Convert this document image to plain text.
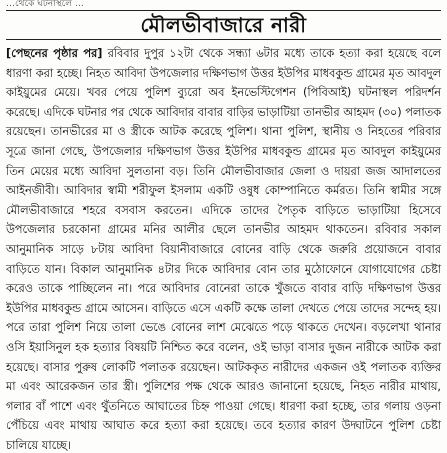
…থেকে ঘটনাস্থলে …
মৌলভীবাজারে নারী

[পেছনের পৃষ্ঠার পর] রবিবার দুপুর ১২টা থেকে সন্ধ্যা ৬টার মধ্যে তাকে হত্যা করা হয়েছে বলে ধারণা করা হচ্ছে। নিহত আবিদা উপজেলার দক্ষিণভাগ উত্তর ইউপির মাধবকুন্ড গ্রামের মৃত আবদুল কাইয়ুমের মেয়ে। খবর পেয়ে পুলিশ ব্যুরো অব ইনভেস্টিগেশন (পিবিআই) ঘটনাস্থল পরিদর্শন করেছে। এদিকে ঘটনার পর থেকে আবিদার বাবার বাড়ির ভাড়াটিয়া তানভীর আহমদ (৩০) পলাতক রয়েছেন। তানভীরের মা ও স্ত্রীকে আটক করেছে পুলিশ। থানা পুলিশ, স্থানীয় ও নিহতের পরিবার সূত্রে জানা গেছে, উপজেলার দক্ষিণভাগ উত্তর ইউপির মাধবকুন্ড গ্রামের মৃত আবদুল কাইয়ুমের তিন মেয়ের মধ্যে আবিদা সুলতানা বড়। তিনি মৌলভীবাজার জেলা ও দায়রা জজ আদালতের আইনজীবী। আবিদার স্বামী শরীফুল ইসলাম একটি ওষুধ কোম্পানিতে কর্মরত। তিনি স্বামীর সঙ্গে মৌলভীবাজারে শহরে বসবাস করতেন। এদিকে তাদের পৈতৃক বাড়িতে ভাড়াটিয়া হিসেবে উপজেলার চরকোনা গ্রামের মনির আলীর ছেলে তানভীর আহমদ থাকতেন। রবিবার সকাল আনুমানিক সাড়ে ৮টায় আবিদা বিয়ানীবাজারে বোনের বাড়ি থেকে জরুরি প্রয়োজনে বাবার বাড়িতে যান। বিকাল আনুমানিক ৪টার দিকে আবিদার বোন তার মুঠোফোনে যোগাযোগের চেষ্টা করেও তাকে পাচ্ছিলেন না। পরে আবিদার বোনেরা তাকে খুঁজতে বাবার বাড়ি দক্ষিণভাগ উত্তর ইউপির মাধবকুন্ড গ্রামে আসেন। বাড়িতে এসে একটি কক্ষে তালা দেখতে পেয়ে তাদের সন্দেহ হয়। পরে তারা পুলিশ নিয়ে তালা ভেঙে বোনের লাশ মেঝেতে পড়ে থাকতে দেখেন। বড়লেখা থানার ওসি ইয়াসিনুল হক হত্যার বিষয়টি নিশ্চিত করে বলেন, ওই ভাড়া বাসার দুজন নারীকে আটক করা হয়েছে। বাসার পুরুষ লোকটি পলাতক রয়েছেন। আটককৃত নারীদের একজন ওই পলাতক ব্যক্তির মা এবং আরেকজন তার স্ত্রী। পুলিশের পক্ষ থেকে আরও জানানো হয়েছে, নিহত নারীর মাথায়, গলার বাঁ পাশে এবং থুঁতনিতে আঘাতের চিহ্ন পাওয়া গেছে। ধারণা করা হচ্ছে, তার গলায় ওড়না পেঁচিয়ে এবং মাথায় আঘাত করে হত্যা করা হয়েছে। তবে হত্যার কারণ উদ্ঘাটনে পুলিশ চেষ্টা চালিয়ে যাচ্ছে।
